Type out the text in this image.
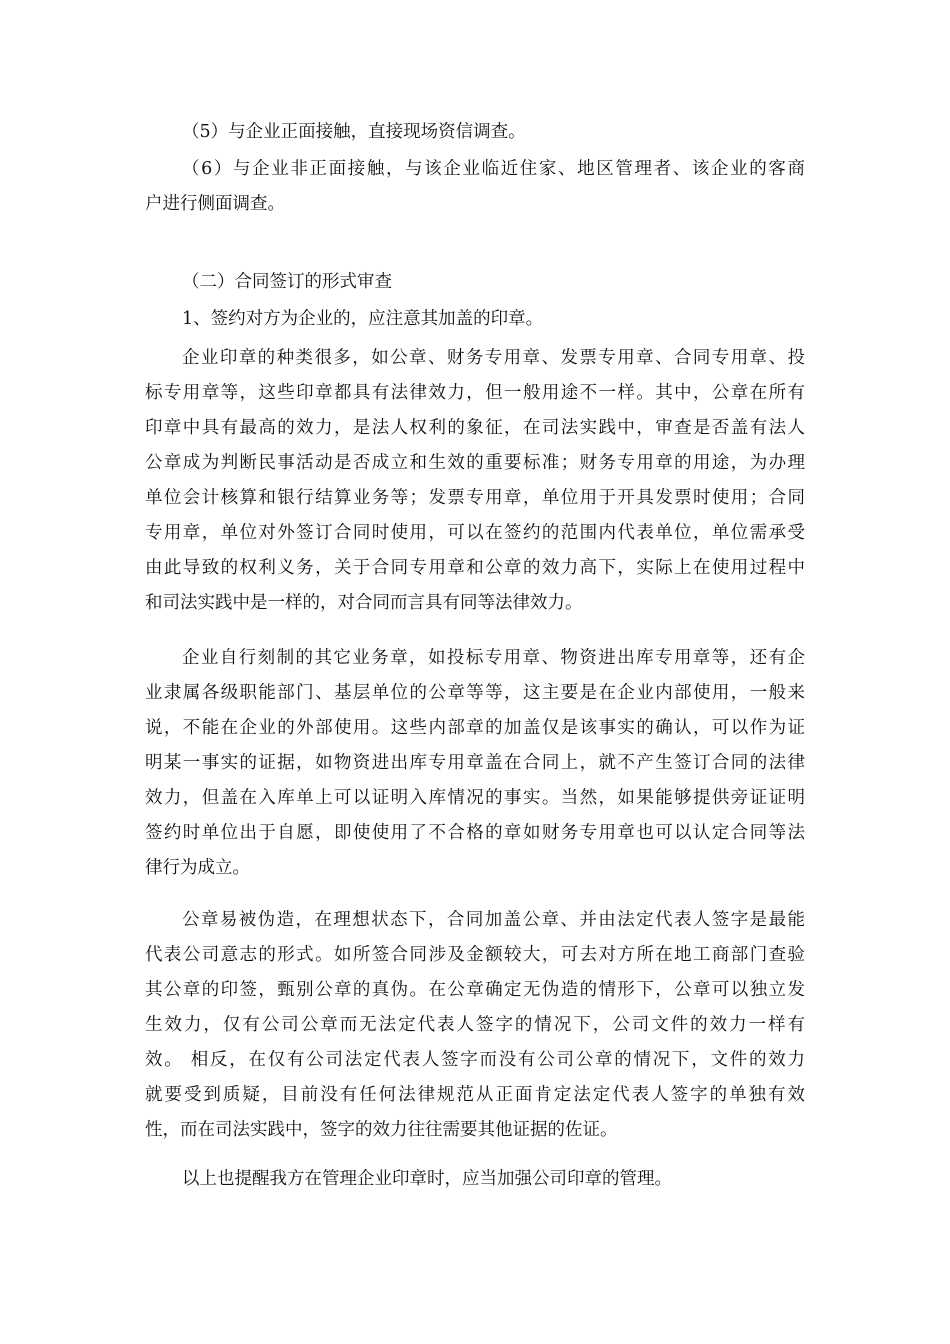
（5）与企业正面接触，直接现场资信调查。

（6）与企业非正面接触，与该企业临近住家、地区管理者、该企业的客商
户进行侧面调查。

（二）合同签订的形式审查

1、签约对方为企业的，应注意其加盖的印章。

企业印章的种类很多，如公章、财务专用章、发票专用章、合同专用章、投
标专用章等，这些印章都具有法律效力，但一般用途不一样。其中，公章在所有
印章中具有最高的效力，是法人权利的象征，在司法实践中，审查是否盖有法人
公章成为判断民事活动是否成立和生效的重要标准；财务专用章的用途，为办理
单位会计核算和银行结算业务等；发票专用章，单位用于开具发票时使用；合同
专用章，单位对外签订合同时使用，可以在签约的范围内代表单位，单位需承受
由此导致的权利义务，关于合同专用章和公章的效力高下，实际上在使用过程中
和司法实践中是一样的，对合同而言具有同等法律效力。

企业自行刻制的其它业务章，如投标专用章、物资进出库专用章等，还有企
业隶属各级职能部门、基层单位的公章等等，这主要是在企业内部使用，一般来
说，不能在企业的外部使用。这些内部章的加盖仅是该事实的确认，可以作为证
明某一事实的证据，如物资进出库专用章盖在合同上，就不产生签订合同的法律
效力，但盖在入库单上可以证明入库情况的事实。当然，如果能够提供旁证证明
签约时单位出于自愿，即使使用了不合格的章如财务专用章也可以认定合同等法
律行为成立。

公章易被伪造，在理想状态下，合同加盖公章、并由法定代表人签字是最能
代表公司意志的形式。如所签合同涉及金额较大，可去对方所在地工商部门查验
其公章的印签，甄别公章的真伪。在公章确定无伪造的情形下，公章可以独立发
生效力，仅有公司公章而无法定代表人签字的情况下，公司文件的效力一样有
效。 相反，在仅有公司法定代表人签字而没有公司公章的情况下，文件的效力
就要受到质疑，目前没有任何法律规范从正面肯定法定代表人签字的单独有效
性，而在司法实践中，签字的效力往往需要其他证据的佐证。

以上也提醒我方在管理企业印章时，应当加强公司印章的管理。
